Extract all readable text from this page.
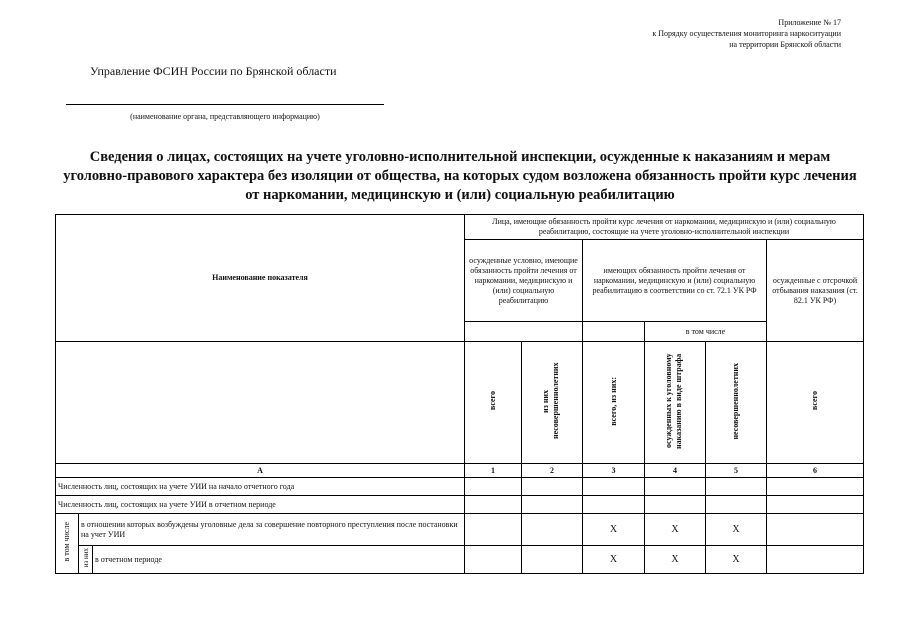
Приложение № 17
к Порядку осуществления мониторинга наркоситуации
на территории Брянской области
Управление ФСИН России по Брянской области
(наименование органа, представляющего информацию)
Сведения о лицах, состоящих на учете уголовно-исполнительной инспекции, осужденные к наказаниям и мерам уголовно-правового характера без изоляции от общества, на которых судом возложена обязанность пройти курс лечения от наркомании, медицинскую и (или) социальную реабилитацию
Наименование показателя			Лица, имеющие обязанность пройти курс лечения от наркомании, медицинскую и (или) социальную реабилитацию, состоящие на учете уголовно-исполнительной инспекции					
			осужденные условно, имеющие обязанность пройти лечения от наркомании, медицинскую и (или) социальную реабилитацию		имеющих обязанность пройти лечения от наркомании, медицинскую и (или) социальную реабилитацию в соответствии со ст. 72.1 УК РФ			осужденные с отсрочкой отбывания наказания (ст. 82.1 УК РФ)
						в том числе		
			всего	из них несовершеннолетних	всего, из них:	осужденных к уголовному наказанию в виде штрафа	несовершеннолетних	всего
А			1	2	3	4	5	6
Численность лиц, состоящих на учете УИИ на начало отчетного года								
Численность лиц, состоящих на учете УИИ в отчетном периоде								
в том числе	в отношении которых возбуждены уголовные дела за совершение повторного преступления после постановки на учет УИИ				X	X	X	
	из них	в отчетном периоде			X	X	X	
